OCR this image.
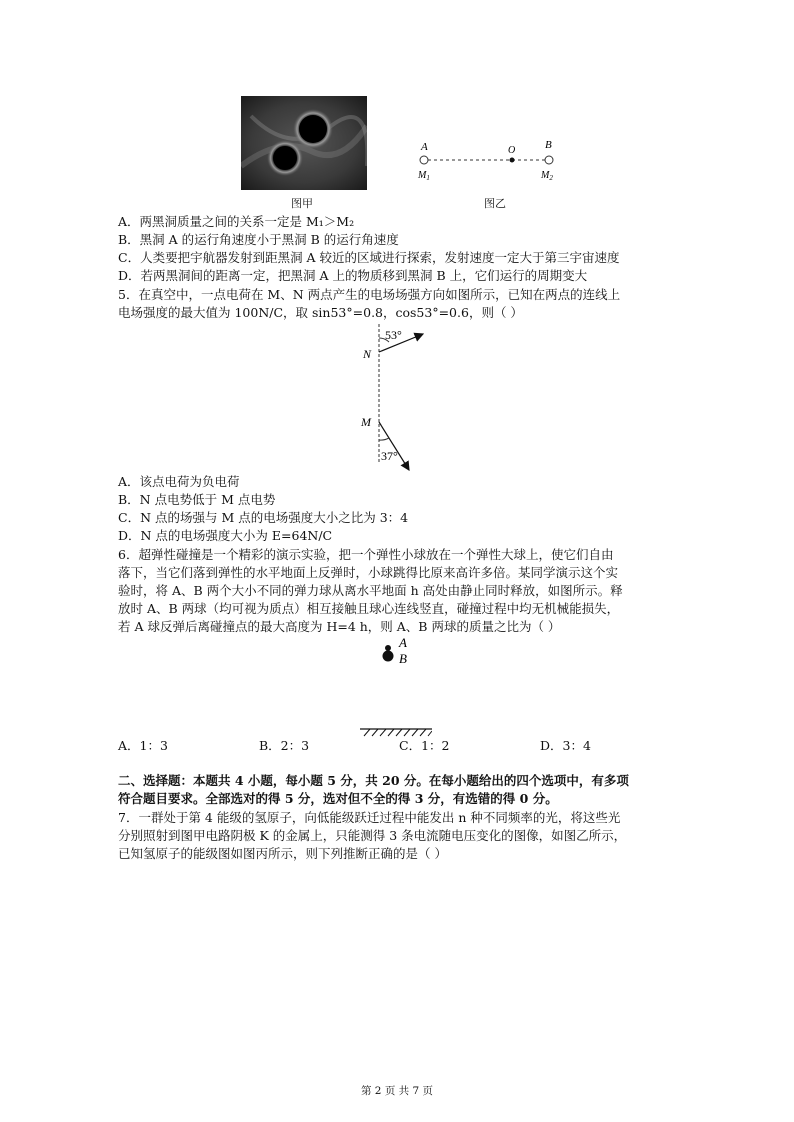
图甲
A	O	B
$M_1$	$M_2$
图乙
A．两黑洞质量之间的关系一定是 M₁＞M₂
B．黑洞 A 的运行角速度小于黑洞 B 的运行角速度
C．人类要把宇航器发射到距黑洞 A 较近的区域进行探索，发射速度一定大于第三宇宙速度
D．若两黑洞间的距离一定，把黑洞 A 上的物质移到黑洞 B 上，它们运行的周期变大
5．在真空中，一点电荷在 M、N 两点产生的电场场强方向如图所示，已知在两点的连线上
电场强度的最大值为 100N/C，取 sin53°=0.8，cos53°=0.6，则（ ）
53°
N
M
37°
A．该点电荷为负电荷
B．N 点电势低于 M 点电势
C．N 点的场强与 M 点的电场强度大小之比为 3：4
D．N 点的电场强度大小为 E=64N/C
6．超弹性碰撞是一个精彩的演示实验，把一个弹性小球放在一个弹性大球上，使它们自由
落下，当它们落到弹性的水平地面上反弹时，小球跳得比原来高许多倍。某同学演示这个实
验时，将 A、B 两个大小不同的弹力球从离水平地面 h 高处由静止同时释放，如图所示。释
放时 A、B 两球（均可视为质点）相互接触且球心连线竖直，碰撞过程中均无机械能损失，
若 A 球反弹后离碰撞点的最大高度为 H=4 h，则 A、B 两球的质量之比为（ ）
A
B
A．1：3	B．2：3	C．1：2	D．3：4
二、选择题：本题共 4 小题，每小题 5 分，共 20 分。在每小题给出的四个选项中，有多项
符合题目要求。全部选对的得 5 分，选对但不全的得 3 分，有选错的得 0 分。
7．一群处于第 4 能级的氢原子，向低能级跃迁过程中能发出 n 种不同频率的光，将这些光
分别照射到图甲电路阴极 K 的金属上，只能测得 3 条电流随电压变化的图像，如图乙所示，
已知氢原子的能级图如图丙所示，则下列推断正确的是（ ）
第 2 页 共 7 页
